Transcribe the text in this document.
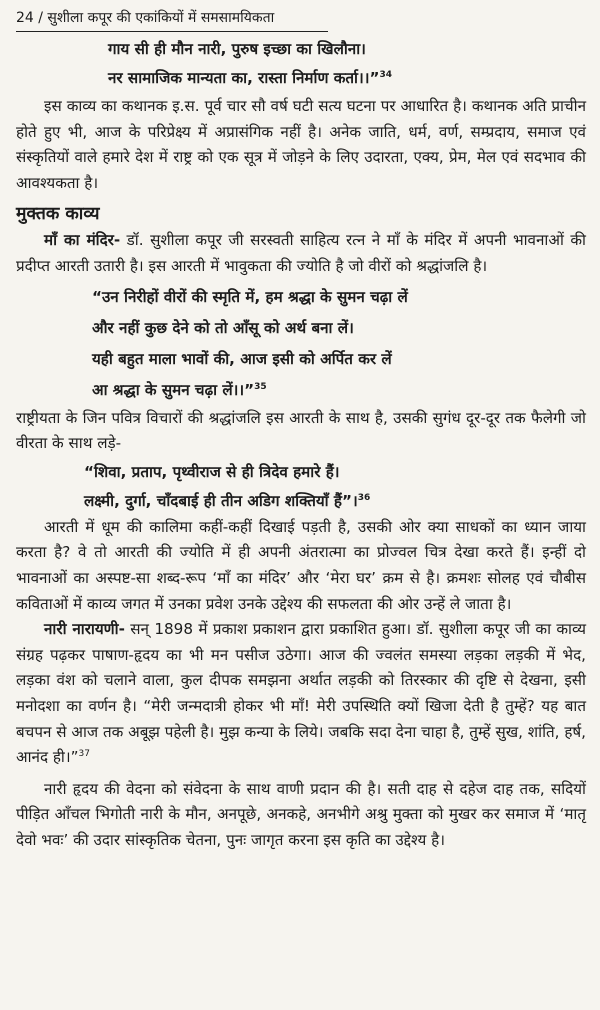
24 / सुशीला कपूर की एकांकियों में समसामयिकता
गाय सी ही मौन नारी, पुरुष इच्छा का खिलौना।
नर सामाजिक मान्यता का, रास्ता निर्माण कर्ता।।”$^{34}$

इस काव्य का कथानक इ.स. पूर्व चार सौ वर्ष घटी सत्य घटना पर आधारित है। कथानक अति प्राचीन होते हुए भी, आज के परिप्रेक्ष्य में अप्रासंगिक नहीं है। अनेक जाति, धर्म, वर्ण, सम्प्रदाय, समाज एवं संस्कृतियों वाले हमारे देश में राष्ट्र को एक सूत्र में जोड़ने के लिए उदारता, एक्य, प्रेम, मेल एवं सदभाव की आवश्यकता है।

मुक्तक काव्य

माँ का मंदिर- डॉ. सुशीला कपूर जी सरस्वती साहित्य रत्न ने माँ के मंदिर में अपनी भावनाओं की प्रदीप्त आरती उतारी है। इस आरती में भावुकता की ज्योति है जो वीरों को श्रद्धांजलि है।

“उन निरीहों वीरों की स्मृति में, हम श्रद्धा के सुमन चढ़ा लें
और नहीं कुछ देने को तो आँसू को अर्थ बना लें।
यही बहुत माला भावों की, आज इसी को अर्पित कर लें
आ श्रद्धा के सुमन चढ़ा लें।।”$^{35}$

राष्ट्रीयता के जिन पवित्र विचारों की श्रद्धांजलि इस आरती के साथ है, उसकी सुगंध दूर-दूर तक फैलेगी जो वीरता के साथ लड़े-

“शिवा, प्रताप, पृथ्वीराज से ही त्रिदेव हमारे हैं।
लक्ष्मी, दुर्गा, चाँदबाई ही तीन अडिग शक्तियाँ हैं”।$^{36}$

आरती में धूम की कालिमा कहीं-कहीं दिखाई पड़ती है, उसकी ओर क्या साधकों का ध्यान जाया करता है? वे तो आरती की ज्योति में ही अपनी अंतरात्मा का प्रोज्वल चित्र देखा करते हैं। इन्हीं दो भावनाओं का अस्पष्ट-सा शब्द-रूप ‘माँ का मंदिर’ और ‘मेरा घर’ क्रम से है। क्रमशः सोलह एवं चौबीस कविताओं में काव्य जगत में उनका प्रवेश उनके उद्देश्य की सफलता की ओर उन्हें ले जाता है।

नारी नारायणी- सन् 1898 में प्रकाश प्रकाशन द्वारा प्रकाशित हुआ। डॉ. सुशीला कपूर जी का काव्य संग्रह पढ़कर पाषाण-हृदय का भी मन पसीज उठेगा। आज की ज्वलंत समस्या लड़का लड़की में भेद, लड़का वंश को चलाने वाला, कुल दीपक समझना अर्थात लड़की को तिरस्कार की दृष्टि से देखना, इसी मनोदशा का वर्णन है। “मेरी जन्मदात्री होकर भी माँ! मेरी उपस्थिति क्यों खिजा देती है तुम्हें? यह बात बचपन से आज तक अबूझ पहेली है। मुझ कन्या के लिये। जबकि सदा देना चाहा है, तुम्हें सुख, शांति, हर्ष, आनंद ही।”$^{37}$

नारी हृदय की वेदना को संवेदना के साथ वाणी प्रदान की है। सती दाह से दहेज दाह तक, सदियों पीड़ित आँचल भिगोती नारी के मौन, अनपूछे, अनकहे, अनभीगे अश्रु मुक्ता को मुखर कर समाज में ‘मातृ देवो भवः’ की उदार सांस्कृतिक चेतना, पुनः जागृत करना इस कृति का उद्देश्य है।
